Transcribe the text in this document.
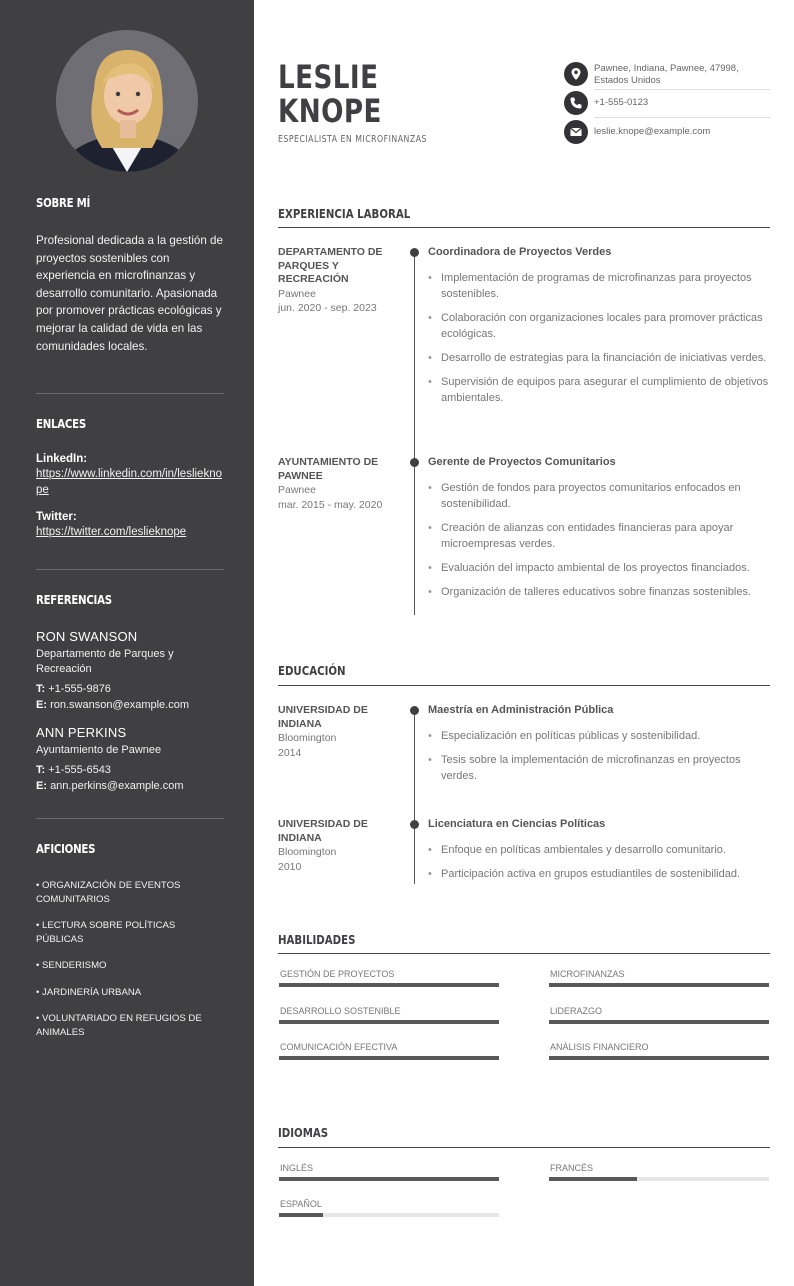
SOBRE MÍ

Profesional dedicada a la gestión de proyectos sostenibles con experiencia en microfinanzas y desarrollo comunitario. Apasionada por promover prácticas ecológicas y mejorar la calidad de vida en las comunidades locales.

ENLACES
LinkedIn:
https://www.linkedin.com/in/leslieknope
Twitter:
https://twitter.com/leslieknope
REFERENCIAS
RON SWANSON
Departamento de Parques y Recreación
T: +1-555-9876
E: ron.swanson@example.com
ANN PERKINS
Ayuntamiento de Pawnee
T: +1-555-6543
E: ann.perkins@example.com
AFICIONES
• ORGANIZACIÓN DE EVENTOS COMUNITARIOS
• LECTURA SOBRE POLÍTICAS PÚBLICAS
• SENDERISMO
• JARDINERÍA URBANA
• VOLUNTARIADO EN REFUGIOS DE ANIMALES
LESLIE
KNOPE
ESPECIALISTA EN MICROFINANZAS
Pawnee, Indiana, Pawnee, 47998, Estados Unidos
+1-555-0123
leslie.knope@example.com
EXPERIENCIA LABORAL
DEPARTAMENTO DE PARQUES Y RECREACIÓN
Pawnee
jun. 2020 - sep. 2023
Coordinadora de Proyectos Verdes
• Implementación de programas de microfinanzas para proyectos sostenibles.
• Colaboración con organizaciones locales para promover prácticas ecológicas.
• Desarrollo de estrategias para la financiación de iniciativas verdes.
• Supervisión de equipos para asegurar el cumplimiento de objetivos ambientales.
AYUNTAMIENTO DE PAWNEE
Pawnee
mar. 2015 - may. 2020
Gerente de Proyectos Comunitarios
• Gestión de fondos para proyectos comunitarios enfocados en sostenibilidad.
• Creación de alianzas con entidades financieras para apoyar microempresas verdes.
• Evaluación del impacto ambiental de los proyectos financiados.
• Organización de talleres educativos sobre finanzas sostenibles.
EDUCACIÓN
UNIVERSIDAD DE INDIANA
Bloomington
2014
Maestría en Administración Pública
• Especialización en políticas públicas y sostenibilidad.
• Tesis sobre la implementación de microfinanzas en proyectos verdes.
UNIVERSIDAD DE INDIANA
Bloomington
2010
Licenciatura en Ciencias Políticas
• Enfoque en políticas ambientales y desarrollo comunitario.
• Participación activa en grupos estudiantiles de sostenibilidad.
HABILIDADES
GESTIÓN DE PROYECTOS	MICROFINANZAS
DESARROLLO SOSTENIBLE	LIDERAZGO
COMUNICACIÓN EFECTIVA	ANÁLISIS FINANCIERO
IDIOMAS
INGLÉS	FRANCÉS
ESPAÑOL
